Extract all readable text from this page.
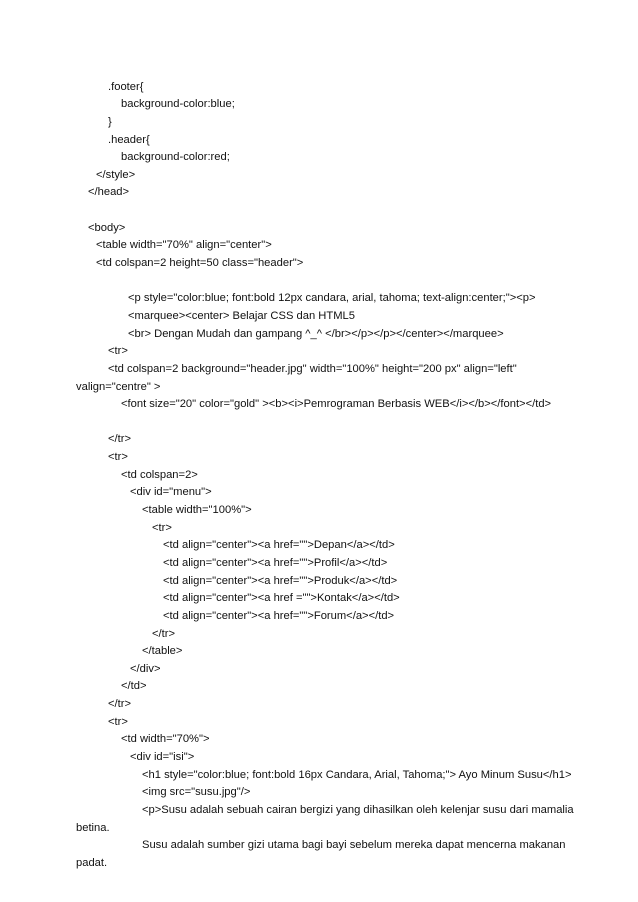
.footer{
background-color:blue;
}
.header{
background-color:red;
</style>
</head>
<body>
<table width="70%" align="center">
<td colspan=2 height=50 class="header">
<p style="color:blue; font:bold 12px candara, arial, tahoma; text-align:center;"><p>
<marquee><center> Belajar CSS dan HTML5
<br> Dengan Mudah dan gampang ^_^ </br></p></p></center></marquee>
<tr>
<td colspan=2 background="header.jpg" width="100%" height="200 px" align="left"
valign="centre" >
<font size="20" color="gold" ><b><i>Pemrograman Berbasis WEB</i></b></font></td>
</tr>
<tr>
<td colspan=2>
<div id="menu">
<table width="100%">
<tr>
<td align="center"><a href="">Depan</a></td>
<td align="center"><a href="">Profil</a></td>
<td align="center"><a href="">Produk</a></td>
<td align="center"><a href ="">Kontak</a></td>
<td align="center"><a href="">Forum</a></td>
</tr>
</table>
</div>
</td>
</tr>
<tr>
<td width="70%">
<div id="isi">
<h1 style="color:blue; font:bold 16px Candara, Arial, Tahoma;"> Ayo Minum Susu</h1>
<img src="susu.jpg"/>
<p>Susu adalah sebuah cairan bergizi yang dihasilkan oleh kelenjar susu dari mamalia
betina.
Susu adalah sumber gizi utama bagi bayi sebelum mereka dapat mencerna makanan
padat.
